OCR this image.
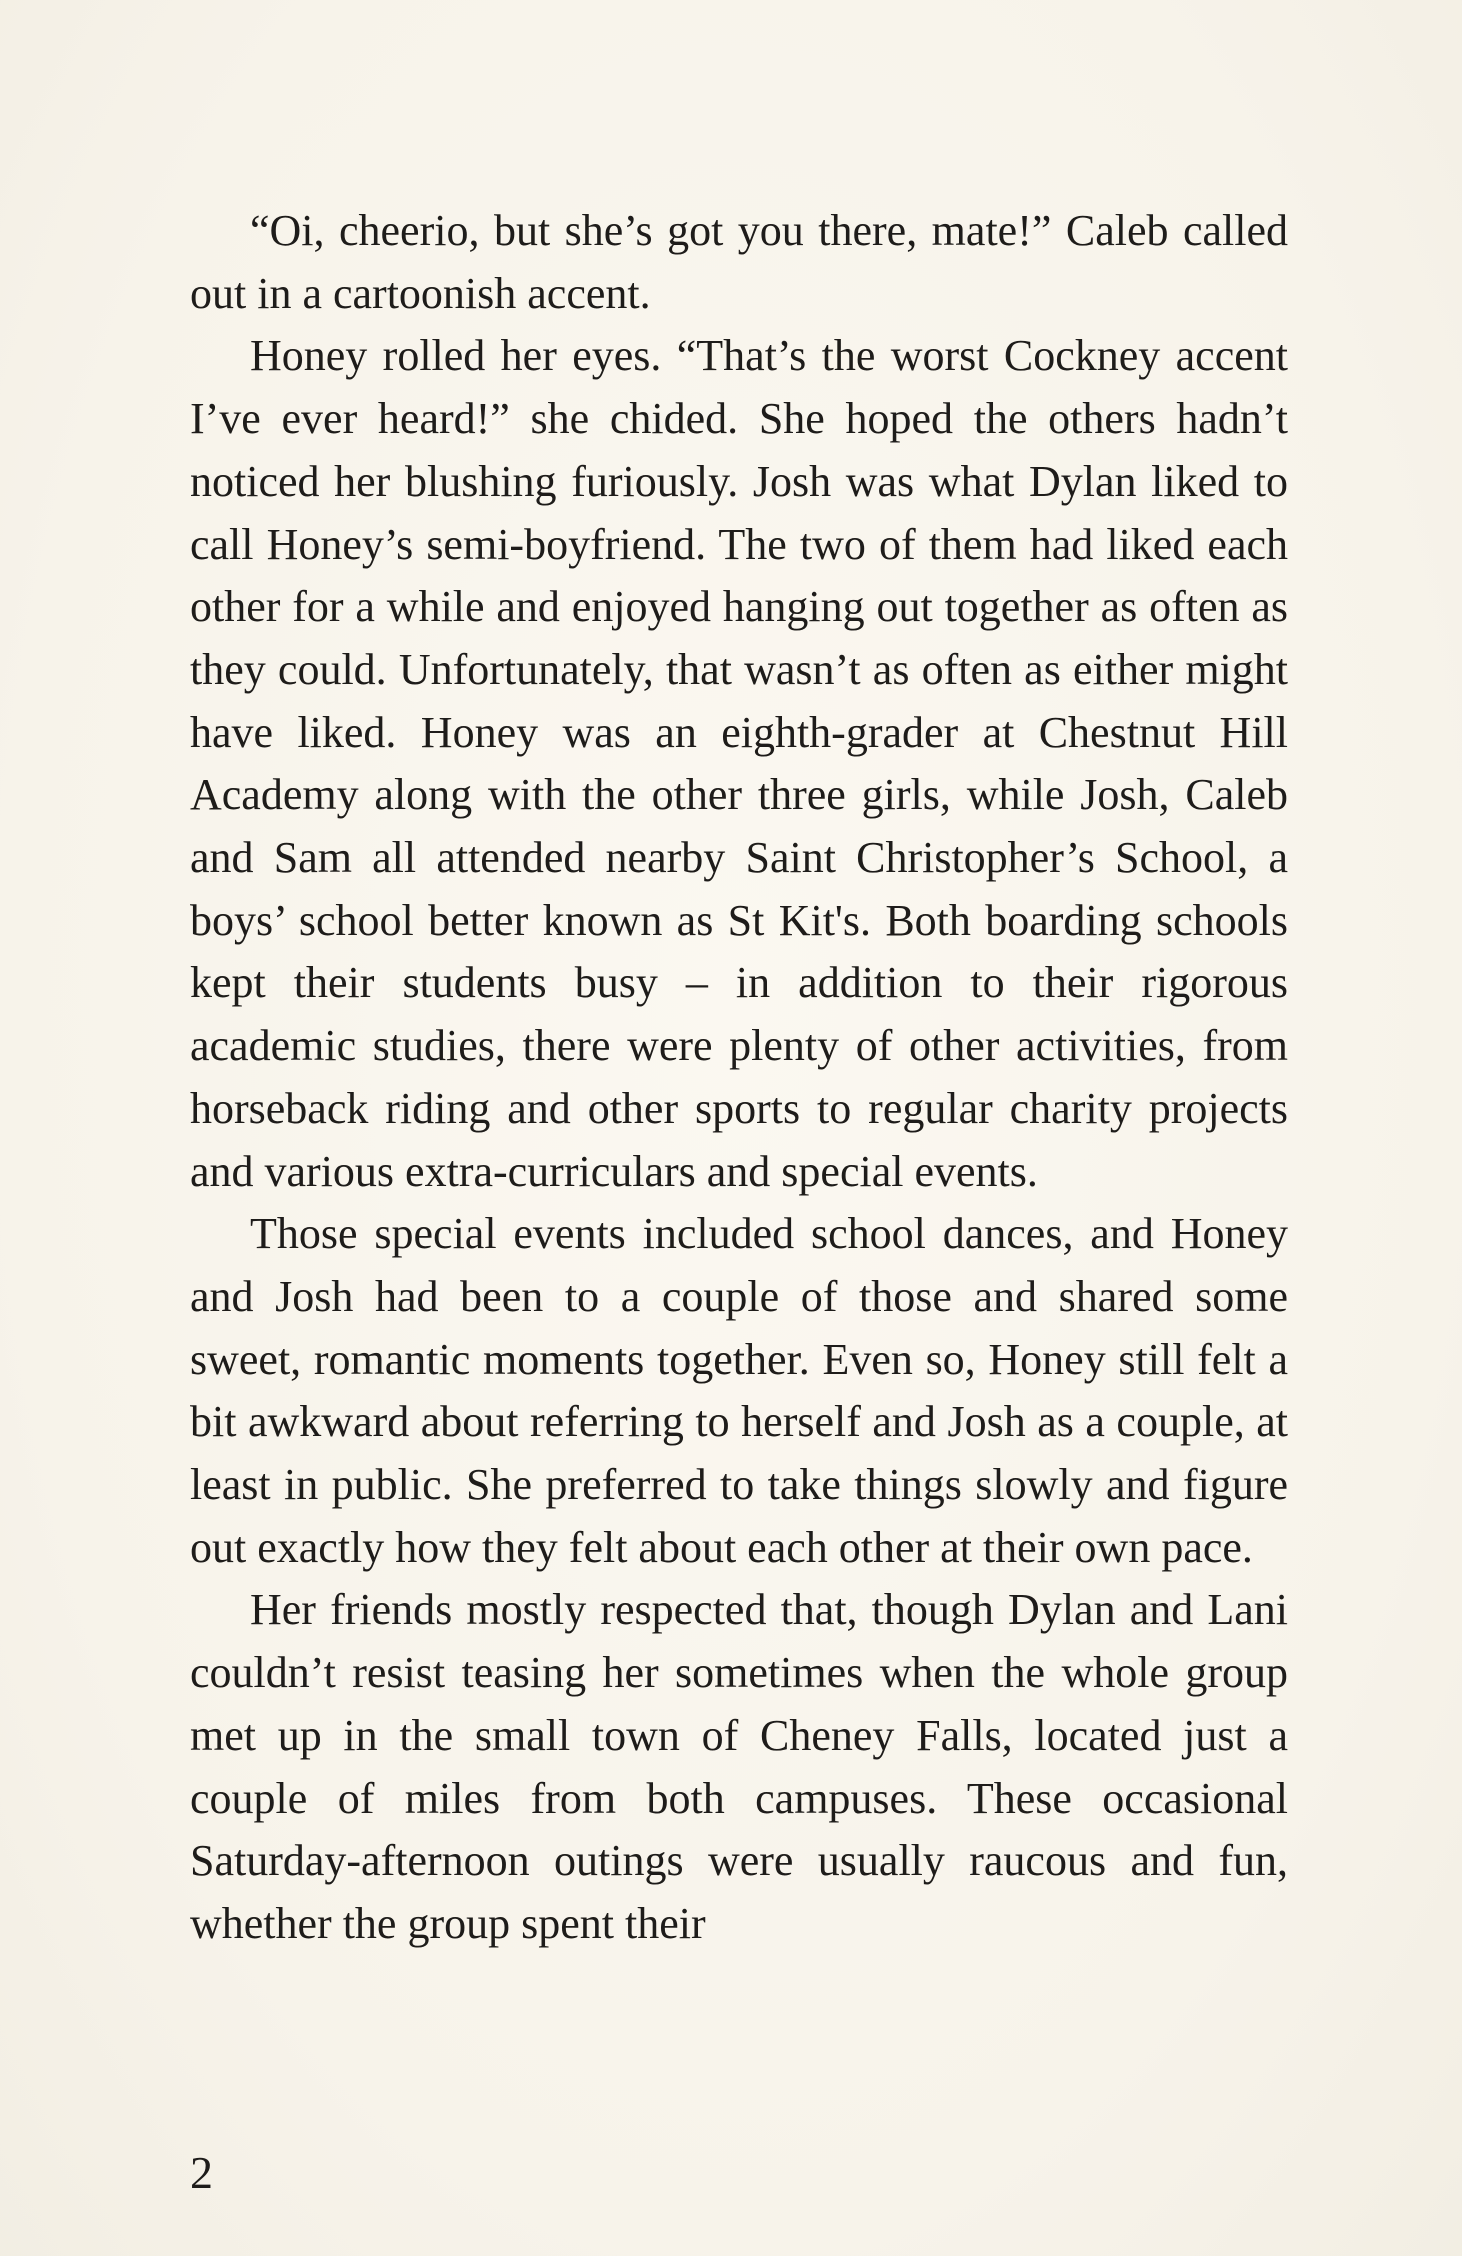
“Oi, cheerio, but she’s got you there, mate!” Caleb called out in a cartoonish accent.

Honey rolled her eyes. “That’s the worst Cockney accent I’ve ever heard!” she chided. She hoped the others hadn’t noticed her blushing furiously. Josh was what Dylan liked to call Honey’s semi-boyfriend. The two of them had liked each other for a while and enjoyed hanging out together as often as they could. Unfortunately, that wasn’t as often as either might have liked. Honey was an eighth-grader at Chestnut Hill Academy along with the other three girls, while Josh, Caleb and Sam all attended nearby Saint Christopher’s School, a boys’ school better known as St Kit's. Both boarding schools kept their students busy – in addition to their rigorous academic studies, there were plenty of other activities, from horseback riding and other sports to regular charity projects and various extra-curriculars and special events.

Those special events included school dances, and Honey and Josh had been to a couple of those and shared some sweet, romantic moments together. Even so, Honey still felt a bit awkward about referring to herself and Josh as a couple, at least in public. She preferred to take things slowly and figure out exactly how they felt about each other at their own pace.

Her friends mostly respected that, though Dylan and Lani couldn’t resist teasing her sometimes when the whole group met up in the small town of Cheney Falls, located just a couple of miles from both campuses. These occasional Saturday-afternoon outings were usually raucous and fun, whether the group spent their

2
